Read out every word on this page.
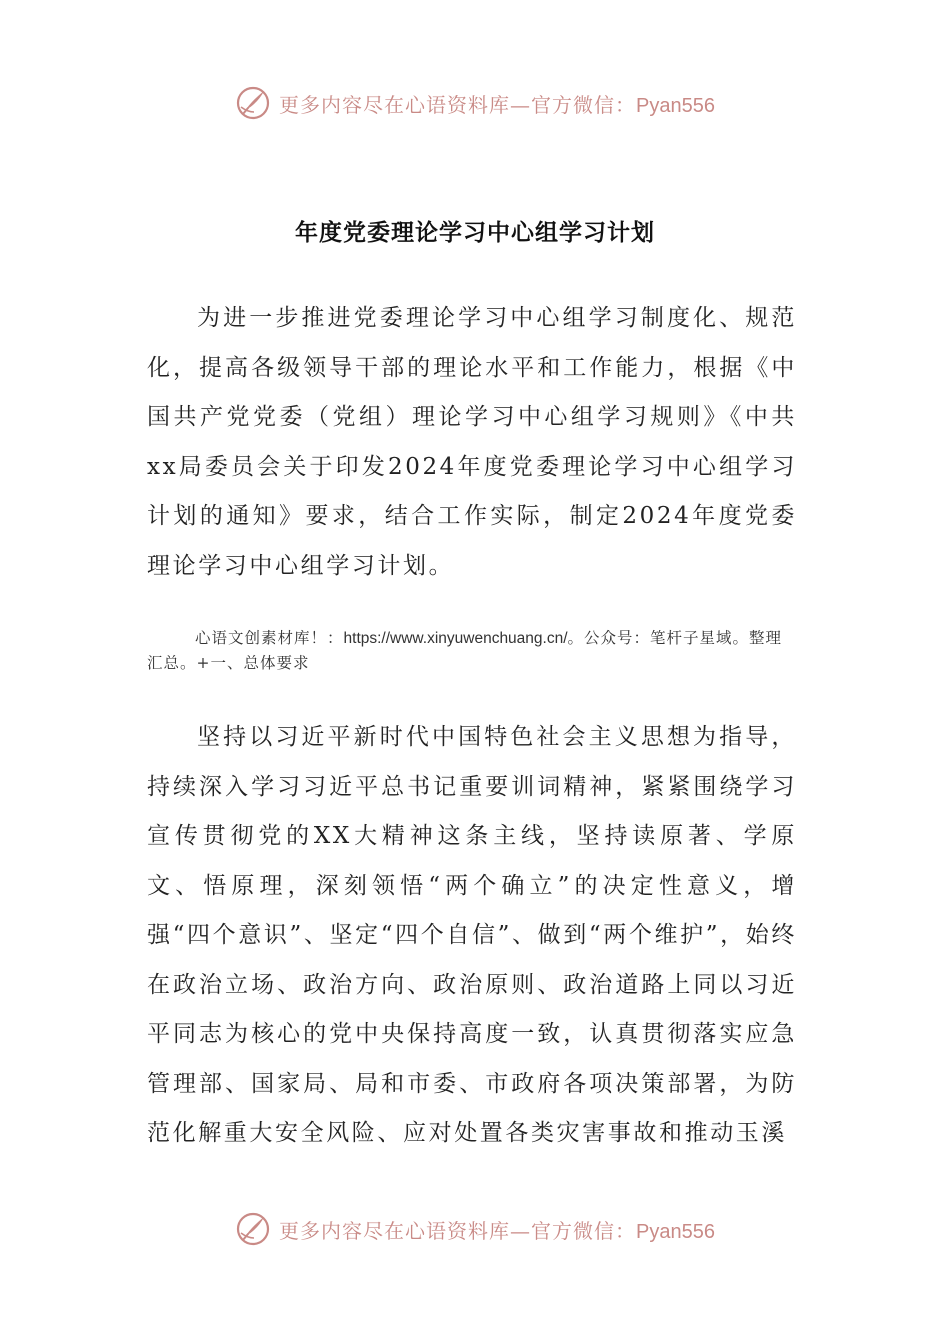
更多内容尽在心语资料库—官方微信：Pyan556
年度党委理论学习中心组学习计划

为进一步推进党委理论学习中心组学习制度化、规范化，提高各级领导干部的理论水平和工作能力，根据《中国共产党党委（党组）理论学习中心组学习规则》《中共xx局委员会关于印发2024年度党委理论学习中心组学习计划的通知》要求，结合工作实际，制定2024年度党委理论学习中心组学习计划。

心语文创素材库！：https://www.xinyuwenchuang.cn/。公众号：笔杆子星域。整理汇总。+一、总体要求

坚持以习近平新时代中国特色社会主义思想为指导，持续深入学习习近平总书记重要训词精神，紧紧围绕学习宣传贯彻党的XX大精神这条主线，坚持读原著、学原文、悟原理，深刻领悟“两个确立”的决定性意义，增强“四个意识”、坚定“四个自信”、做到“两个维护”，始终在政治立场、政治方向、政治原则、政治道路上同以习近平同志为核心的党中央保持高度一致，认真贯彻落实应急管理部、国家局、局和市委、市政府各项决策部署，为防范化解重大安全风险、应对处置各类灾害事故和推动玉溪

更多内容尽在心语资料库—官方微信：Pyan556
